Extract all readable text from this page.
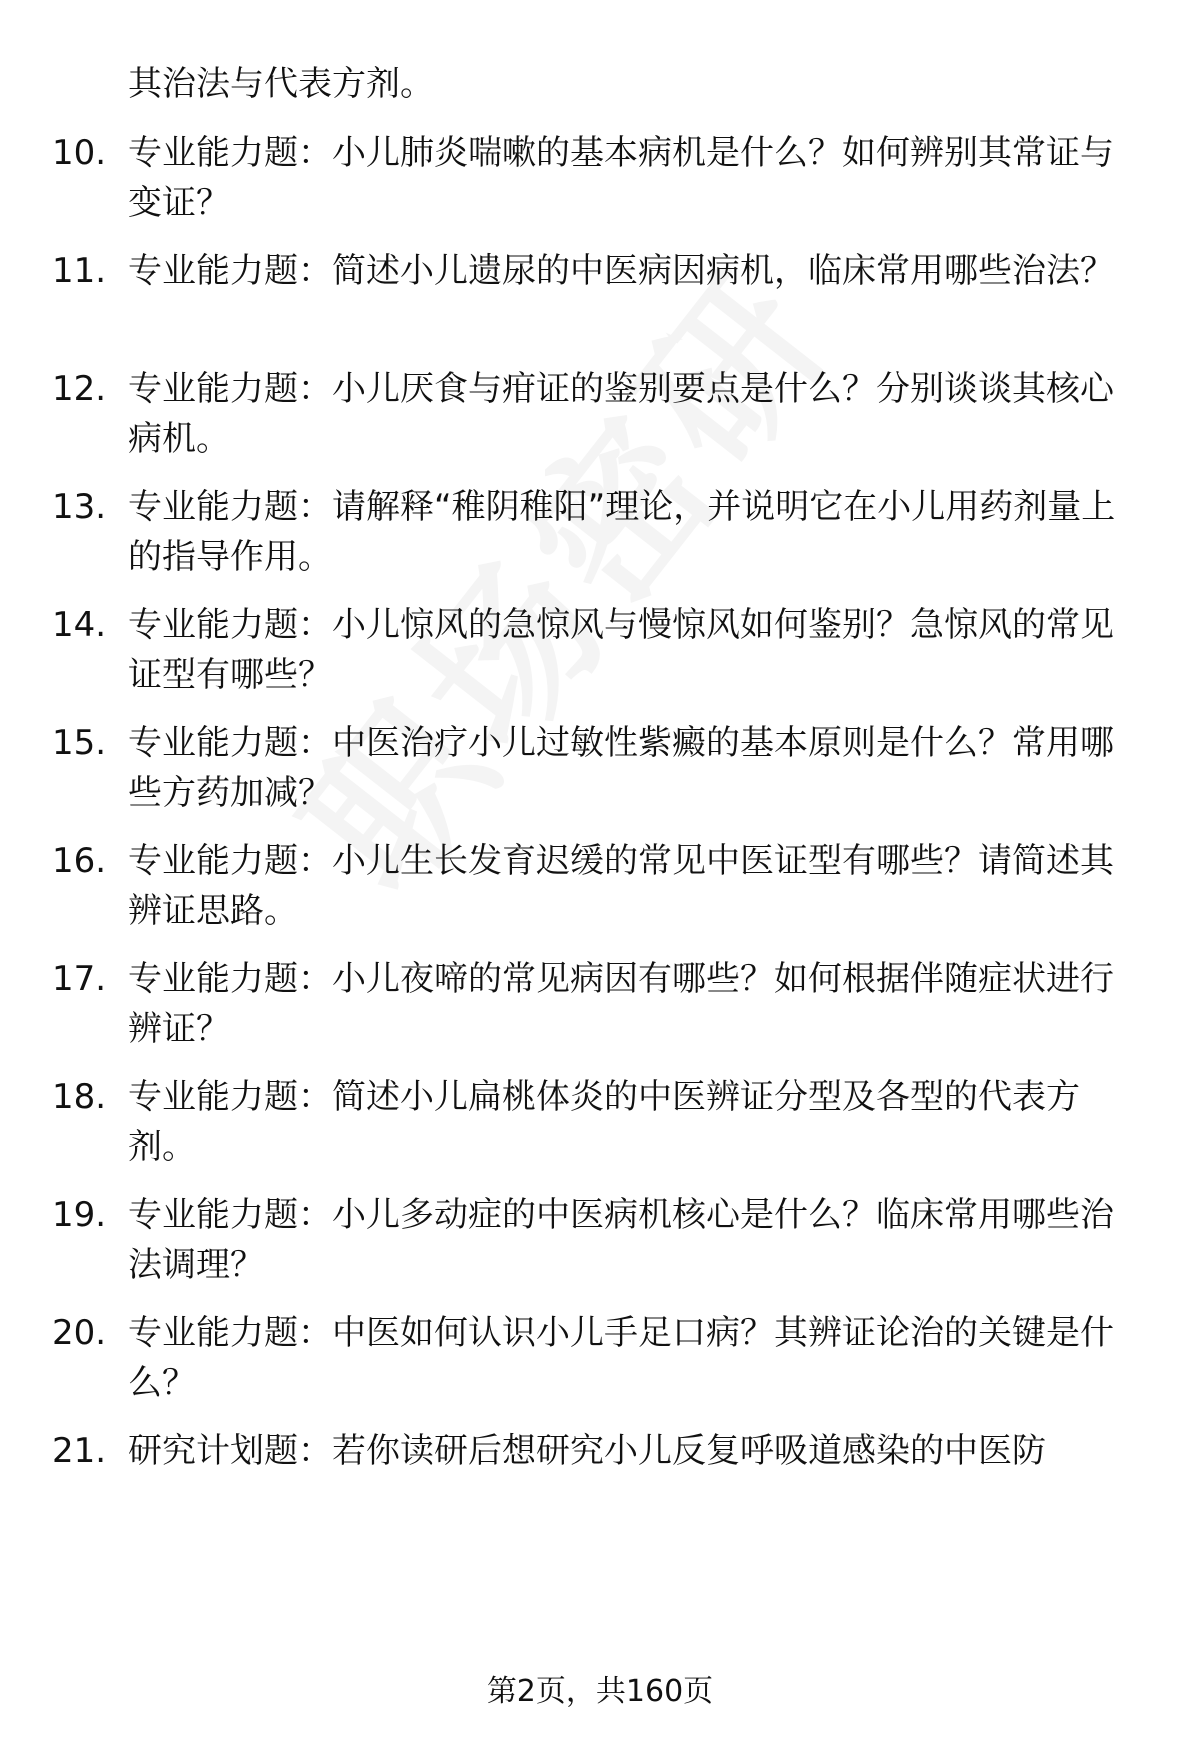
其治法与代表方剂。
10. 专业能力题：小儿肺炎喘嗽的基本病机是什么？如何辨别其常证与变证？
11. 专业能力题：简述小儿遗尿的中医病因病机，临床常用哪些治法？
12. 专业能力题：小儿厌食与疳证的鉴别要点是什么？分别谈谈其核心病机。
13. 专业能力题：请解释“稚阴稚阳”理论，并说明它在小儿用药剂量上的指导作用。
14. 专业能力题：小儿惊风的急惊风与慢惊风如何鉴别？急惊风的常见证型有哪些？
15. 专业能力题：中医治疗小儿过敏性紫癜的基本原则是什么？常用哪些方药加减？
16. 专业能力题：小儿生长发育迟缓的常见中医证型有哪些？请简述其辨证思路。
17. 专业能力题：小儿夜啼的常见病因有哪些？如何根据伴随症状进行辨证？
18. 专业能力题：简述小儿扁桃体炎的中医辨证分型及各型的代表方剂。
19. 专业能力题：小儿多动症的中医病机核心是什么？临床常用哪些治法调理？
20. 专业能力题：中医如何认识小儿手足口病？其辨证论治的关键是什么？
21. 研究计划题：若你读研后想研究小儿反复呼吸道感染的中医防
第2页，共160页
